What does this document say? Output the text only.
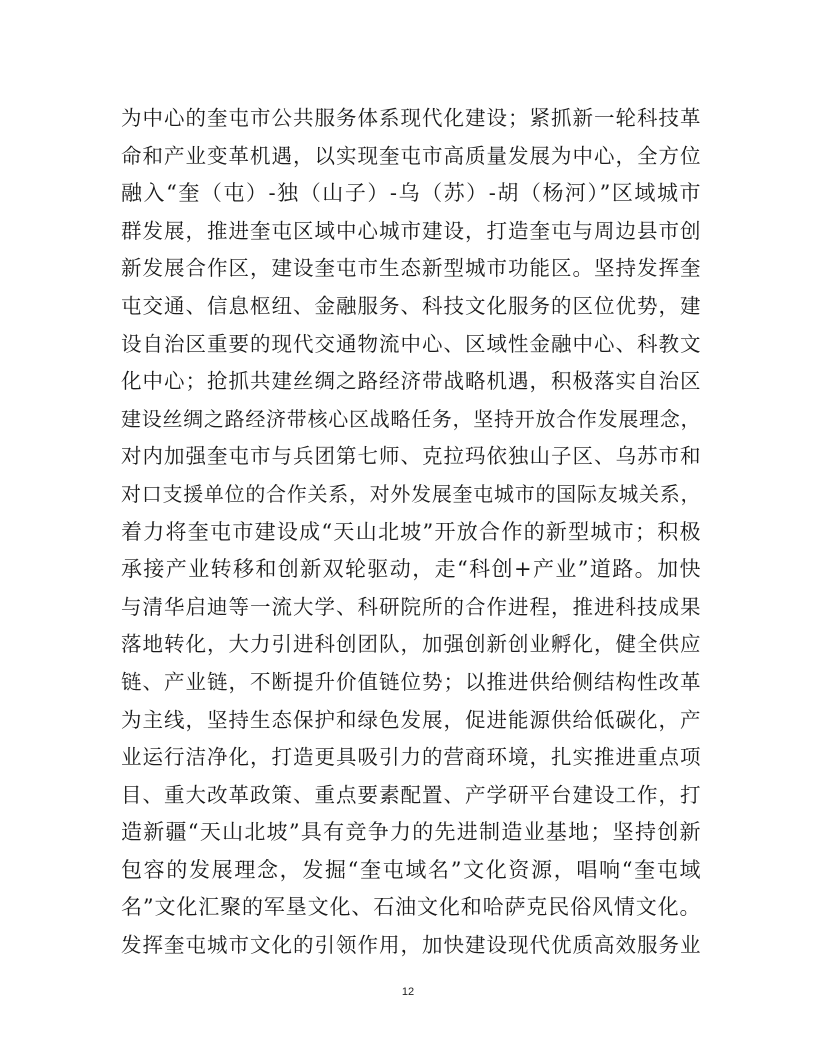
为中心的奎屯市公共服务体系现代化建设；紧抓新一轮科技革
命和产业变革机遇，以实现奎屯市高质量发展为中心，全方位
融入“奎（屯）-独（山子）-乌（苏）-胡（杨河）”区域城市
群发展，推进奎屯区域中心城市建设，打造奎屯与周边县市创
新发展合作区，建设奎屯市生态新型城市功能区。坚持发挥奎
屯交通、信息枢纽、金融服务、科技文化服务的区位优势，建
设自治区重要的现代交通物流中心、区域性金融中心、科教文
化中心；抢抓共建丝绸之路经济带战略机遇，积极落实自治区
建设丝绸之路经济带核心区战略任务，坚持开放合作发展理念，
对内加强奎屯市与兵团第七师、克拉玛依独山子区、乌苏市和
对口支援单位的合作关系，对外发展奎屯城市的国际友城关系，
着力将奎屯市建设成“天山北坡”开放合作的新型城市；积极
承接产业转移和创新双轮驱动，走“科创+产业”道路。加快
与清华启迪等一流大学、科研院所的合作进程，推进科技成果
落地转化，大力引进科创团队，加强创新创业孵化，健全供应
链、产业链，不断提升价值链位势；以推进供给侧结构性改革
为主线，坚持生态保护和绿色发展，促进能源供给低碳化，产
业运行洁净化，打造更具吸引力的营商环境，扎实推进重点项
目、重大改革政策、重点要素配置、产学研平台建设工作，打
造新疆“天山北坡”具有竞争力的先进制造业基地；坚持创新
包容的发展理念，发掘“奎屯域名”文化资源，唱响“奎屯域
名”文化汇聚的军垦文化、石油文化和哈萨克民俗风情文化。
发挥奎屯城市文化的引领作用，加快建设现代优质高效服务业
12
